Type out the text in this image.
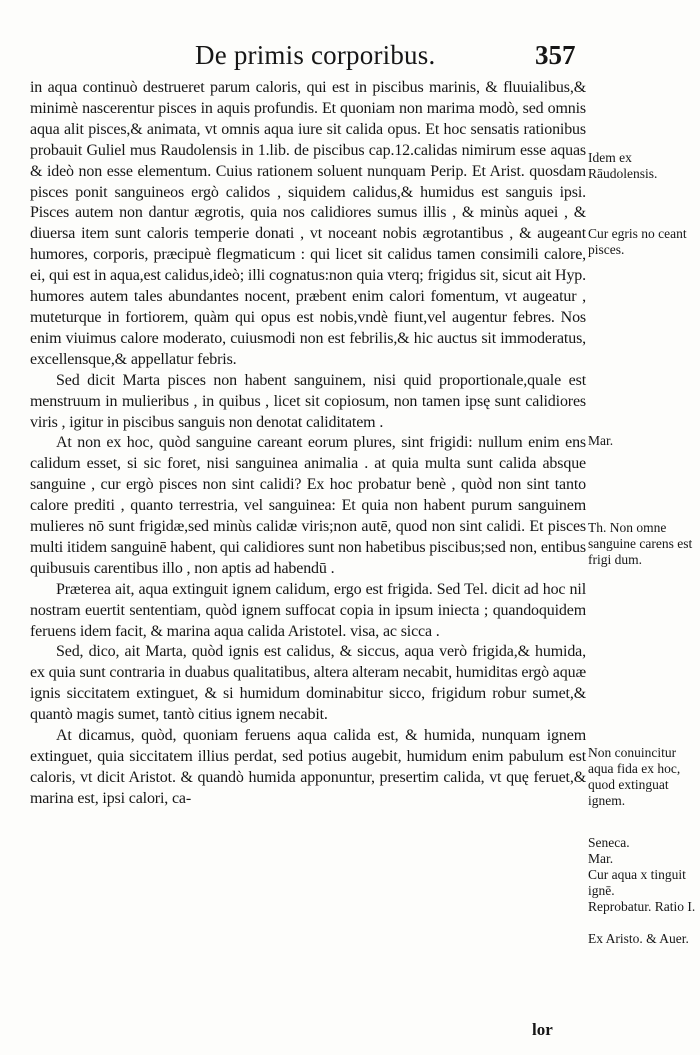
De primis corporibus.	357

in aqua continuò destrueret parum caloris, qui est in piscibus marinis, & fluuialibus,& minimè nascerentur pisces in aquis profundis. Et quoniam non marima modò, sed omnis aqua alit pisces,& animata, vt omnis aqua iure sit calida opus. Et hoc sensatis rationibus probauit Guliel mus Raudolensis in 1.lib. de piscibus cap.12.calidas nimirum esse aquas & ideò non esse elementum. Cuius rationem soluent nunquam Perip. Et Arist. quosdam pisces ponit sanguineos ergò calidos , siquidem calidus,& humidus est sanguis ipsi. Pisces autem non dantur ægrotis, quia nos calidiores sumus illis , & minùs aquei , & diuersa item sunt caloris temperie donati , vt noceant nobis ægrotantibus , & augeant humores, corporis, præcipuè flegmaticum : qui licet sit calidus tamen consimili calore, ei, qui est in aqua,est calidus,ideò; illi cognatus:non quia vterq; frigidus sit, sicut ait Hyp. humores autem tales abundantes nocent, præbent enim calori fomentum, vt augeatur , muteturque in fortiorem, quàm qui opus est nobis,vndè fiunt,vel augentur febres. Nos enim viuimus calore moderato, cuiusmodi non est febrilis,& hic auctus sit immoderatus, excellensque,& appellatur febris.

Sed dicit Marta pisces non habent sanguinem, nisi quid proportionale,quale est menstruum in mulieribus , in quibus , licet sit copiosum, non tamen ipsę sunt calidiores viris , igitur in piscibus sanguis non denotat caliditatem .

At non ex hoc, quòd sanguine careant eorum plures, sint frigidi: nullum enim ens calidum esset, si sic foret, nisi sanguinea animalia . at quia multa sunt calida absque sanguine , cur ergò pisces non sint calidi? Ex hoc probatur benè , quòd non sint tanto calore prediti , quanto terrestria, vel sanguinea: Et quia non habent purum sanguinem mulieres nō sunt frigidæ,sed minùs calidæ viris;non autē, quod non sint calidi. Et pisces multi itidem sanguinē habent, qui calidiores sunt non habetibus piscibus;sed non, entibus quibusuis carentibus illo , non aptis ad habendū .

Præterea ait, aqua extinguit ignem calidum, ergo est frigida. Sed Tel. dicit ad hoc nil nostram euertit sententiam, quòd ignem suffocat copia in ipsum iniecta ; quandoquidem feruens idem facit, & marina aqua calida Aristotel. visa, ac sicca .

Sed, dico, ait Marta, quòd ignis est calidus, & siccus, aqua verò frigida,& humida, ex quia sunt contraria in duabus qualitatibus, altera alteram necabit, humiditas ergò aquæ ignis siccitatem extinguet, & si humidum dominabitur sicco, frigidum robur sumet,& quantò magis sumet, tantò citius ignem necabit.

At dicamus, quòd, quoniam feruens aqua calida est, & humida, nunquam ignem extinguet, quia siccitatem illius perdat, sed potius augebit, humidum enim pabulum est caloris, vt dicit Aristot. & quandò humida apponuntur, presertim calida, vt quę feruet,& marina est, ipsi calori, ca-

Idem ex Rāudolensis.
Cur egris no ceant pisces.
Mar.
Th. Non omne sanguine carens est frigi dum.
Non conuincitur aqua fida ex hoc, quod extinguat ignem.
Seneca.
Mar.
Cur aqua x tinguit ignē.
Reprobatur. Ratio I.
Ex Aristo. & Auer.
lor
